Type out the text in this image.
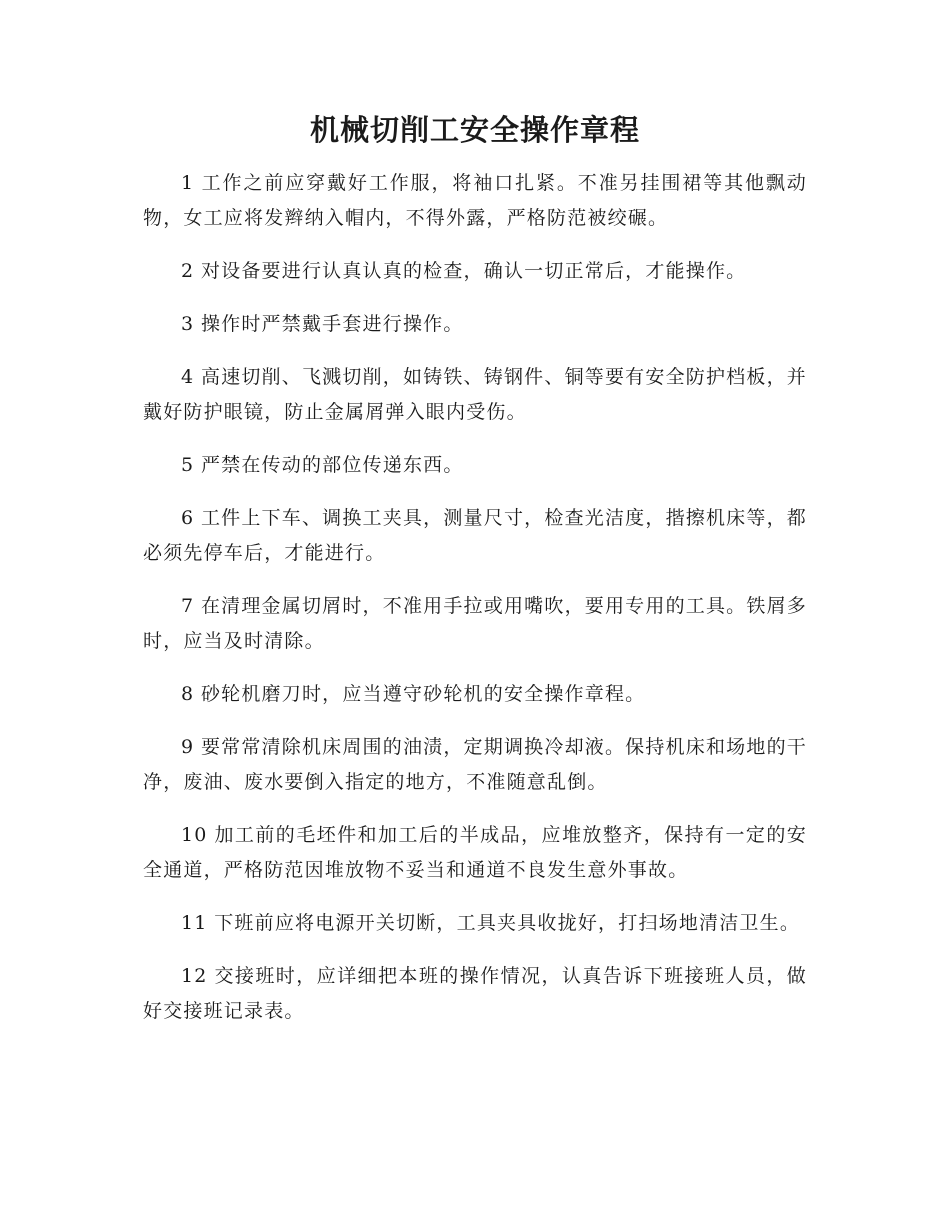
机械切削工安全操作章程

1 工作之前应穿戴好工作服，将袖口扎紧。不准另挂围裙等其他飘动物，女工应将发辫纳入帽内，不得外露，严格防范被绞碾。

2 对设备要进行认真认真的检查，确认一切正常后，才能操作。

3 操作时严禁戴手套进行操作。

4 高速切削、飞溅切削，如铸铁、铸钢件、铜等要有安全防护档板，并戴好防护眼镜，防止金属屑弹入眼内受伤。

5 严禁在传动的部位传递东西。

6 工件上下车、调换工夹具，测量尺寸，检查光洁度，揩擦机床等，都必须先停车后，才能进行。

7 在清理金属切屑时，不准用手拉或用嘴吹，要用专用的工具。铁屑多时，应当及时清除。

8 砂轮机磨刀时，应当遵守砂轮机的安全操作章程。

9 要常常清除机床周围的油渍，定期调换冷却液。保持机床和场地的干净，废油、废水要倒入指定的地方，不准随意乱倒。

10 加工前的毛坯件和加工后的半成品，应堆放整齐，保持有一定的安全通道，严格防范因堆放物不妥当和通道不良发生意外事故。

11 下班前应将电源开关切断，工具夹具收拢好，打扫场地清洁卫生。

12 交接班时，应详细把本班的操作情况，认真告诉下班接班人员，做好交接班记录表。
